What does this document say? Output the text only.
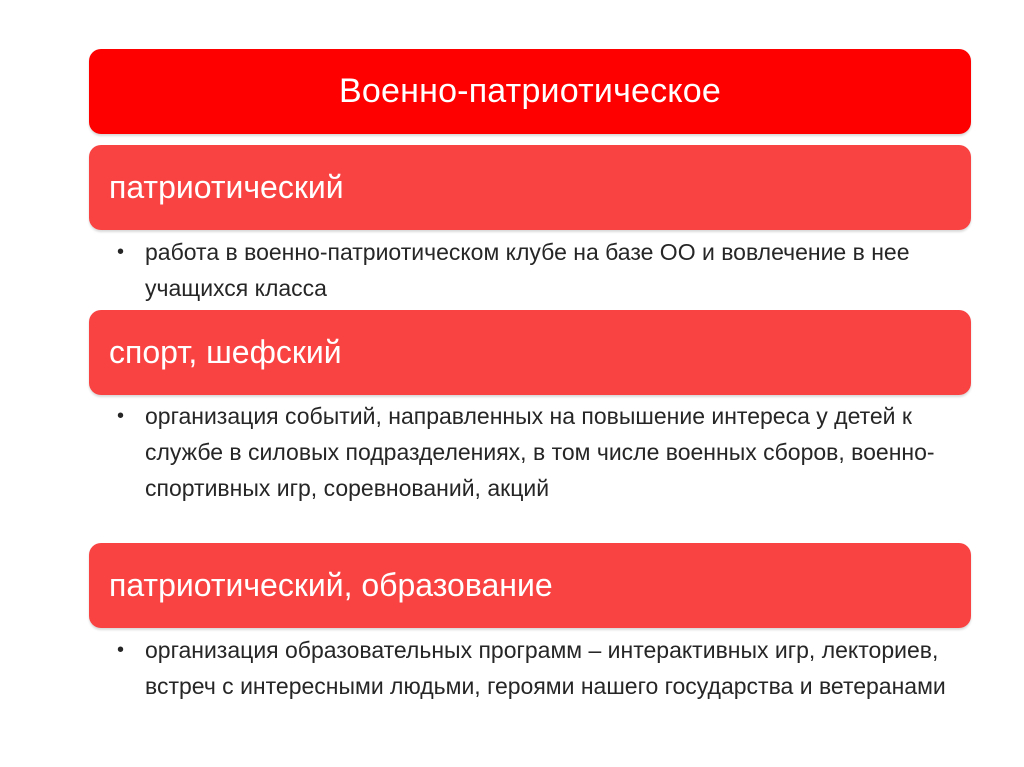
Военно-патриотическое
патриотический
• работа в военно-патриотическом клубе на базе ОО и вовлечение в нее учащихся класса
спорт, шефский
• организация событий, направленных на повышение интереса у детей к службе в силовых подразделениях, в том числе военных сборов, военно-спортивных игр, соревнований, акций
патриотический, образование
• организация образовательных программ – интерактивных игр, лекториев, встреч с интересными людьми, героями нашего государства и ветеранами
